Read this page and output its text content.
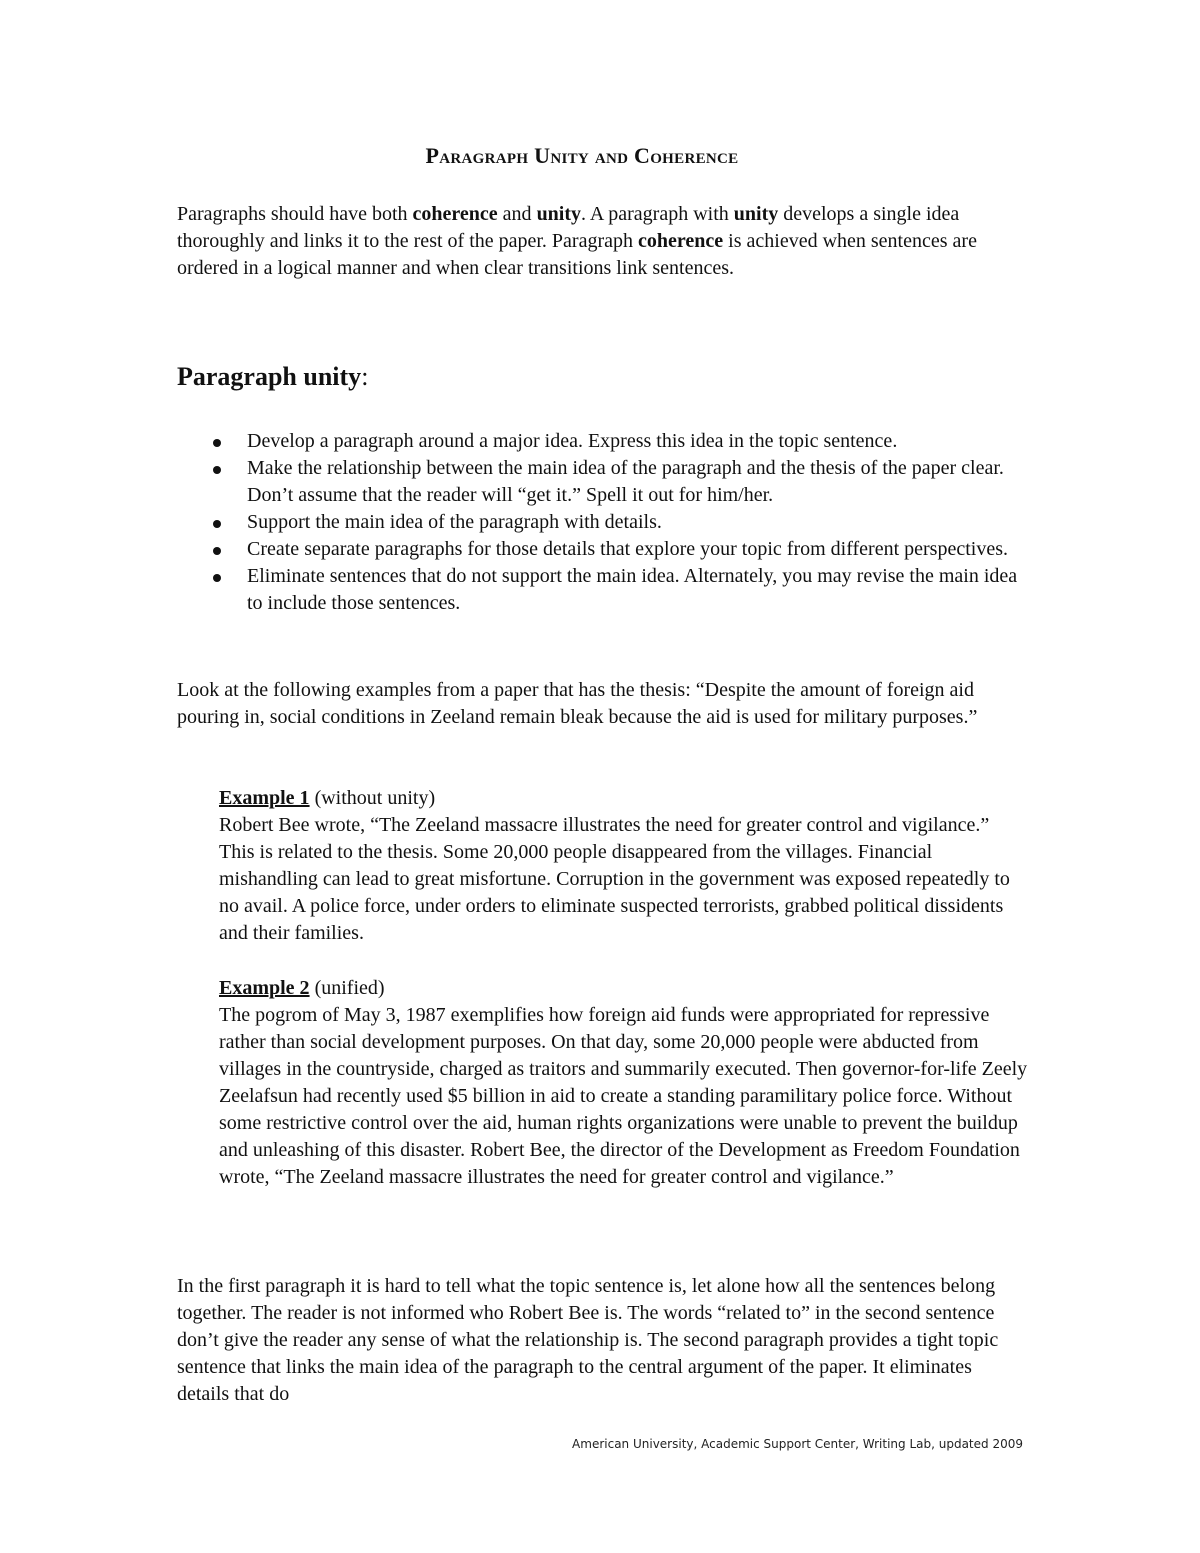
Paragraph Unity and Coherence

Paragraphs should have both coherence and unity. A paragraph with unity develops a single idea thoroughly and links it to the rest of the paper. Paragraph coherence is achieved when sentences are ordered in a logical manner and when clear transitions link sentences.

Paragraph unity:
Develop a paragraph around a major idea. Express this idea in the topic sentence.
Make the relationship between the main idea of the paragraph and the thesis of the paper clear. Don’t assume that the reader will “get it.” Spell it out for him/her.
Support the main idea of the paragraph with details.
Create separate paragraphs for those details that explore your topic from different perspectives.
Eliminate sentences that do not support the main idea. Alternately, you may revise the main idea to include those sentences.

Look at the following examples from a paper that has the thesis: “Despite the amount of foreign aid pouring in, social conditions in Zeeland remain bleak because the aid is used for military purposes.”

Example 1 (without unity)
Robert Bee wrote, “The Zeeland massacre illustrates the need for greater control and vigilance.” This is related to the thesis. Some 20,000 people disappeared from the villages. Financial mishandling can lead to great misfortune. Corruption in the government was exposed repeatedly to no avail. A police force, under orders to eliminate suspected terrorists, grabbed political dissidents and their families.
Example 2 (unified)
The pogrom of May 3, 1987 exemplifies how foreign aid funds were appropriated for repressive rather than social development purposes. On that day, some 20,000 people were abducted from villages in the countryside, charged as traitors and summarily executed. Then governor-for-life Zeely Zeelafsun had recently used $5 billion in aid to create a standing paramilitary police force. Without some restrictive control over the aid, human rights organizations were unable to prevent the buildup and unleashing of this disaster. Robert Bee, the director of the Development as Freedom Foundation wrote, “The Zeeland massacre illustrates the need for greater control and vigilance.”

In the first paragraph it is hard to tell what the topic sentence is, let alone how all the sentences belong together. The reader is not informed who Robert Bee is. The words “related to” in the second sentence don’t give the reader any sense of what the relationship is. The second paragraph provides a tight topic sentence that links the main idea of the paragraph to the central argument of the paper. It eliminates details that do

American University, Academic Support Center, Writing Lab, updated 2009
